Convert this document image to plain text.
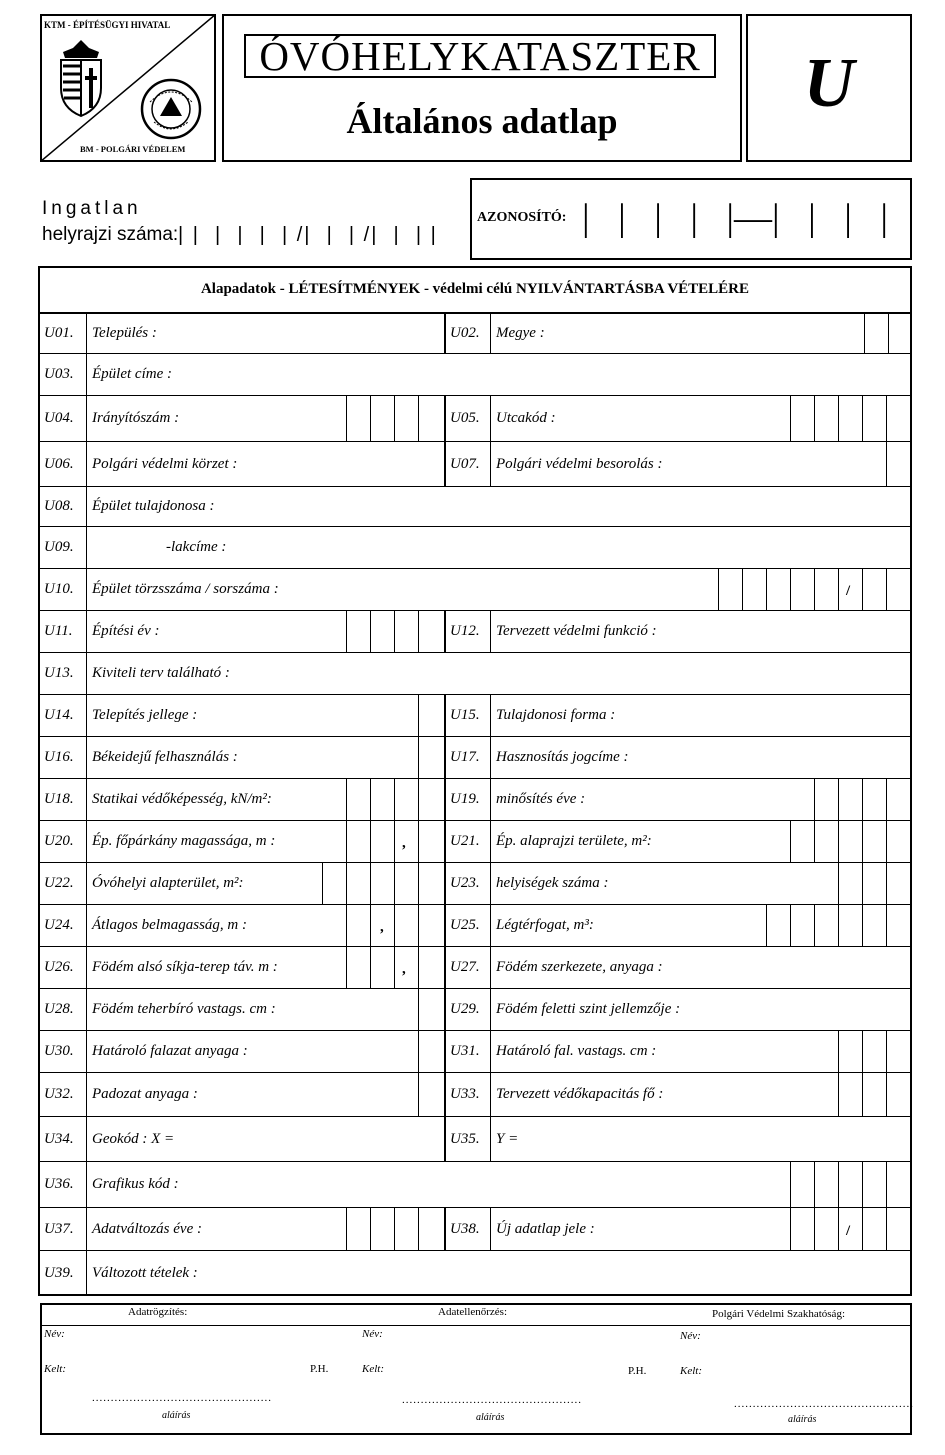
KTM - ÉPÍTÉSÜGYI HIVATAL
BM - POLGÁRI VÉDELEM
ÓVÓHELYKATASZTER
Általános adatlap	U
Ingatlan
helyrajzi száma: | |  |  |  |  | /|  |  | /|  |  | |
AZONOSÍTÓ: |   |   |   |   |—|   |   |   |
Alapadatok - LÉTESÍTMÉNYEK - védelmi célú NYILVÁNTARTÁSBA VÉTELÉRE
U01. Település :	U02. Megye :
U03. Épület címe :
U04. Irányítószám :	U05. Utcakód :
U06. Polgári védelmi körzet :	U07. Polgári védelmi besorolás :
U08. Épület tulajdonosa :
U09.	-lakcíme :
U10. Épület törzsszáma / sorszáma :	/
U11. Építési év :	U12. Tervezett védelmi funkció :
U13. Kiviteli terv található :
U14. Telepítés jellege :	U15. Tulajdonosi forma :
U16. Békeidejű felhasználás :	U17. Hasznosítás jogcíme :
U18. Statikai védőképesség, kN/m²:	U19. minősítés éve :
U20. Ép. főpárkány magassága, m :	U21. Ép. alaprajzi területe, m²:
,
U22. Óvóhelyi alapterület, m²:	U23. helyiségek száma :
U24. Átlagos belmagasság, m :	U25. Légtérfogat, m³:
,
U26. Födém alsó síkja-terep táv. m :	U27. Födém szerkezete, anyaga :
,
U28. Födém teherbíró vastags. cm :	U29. Födém feletti szint jellemzője :
U30. Határoló falazat anyaga :	U31. Határoló fal. vastags. cm :
U32. Padozat anyaga :	U33. Tervezett védőkapacitás fő :
U34. Geokód : X =	U35. Y =
U36. Grafikus kód :
U37. Adatváltozás éve :	U38. Új adatlap jele :	/
U39. Változott tételek :
Adatrögzítés:	Adatellenőrzés:	Polgári Védelmi Szakhatóság:
Név:	Név:	Név:
Kelt:	P.H.	Kelt:	P.H.	Kelt:
................................................	................................................	................................................
aláírás	aláírás	aláírás
